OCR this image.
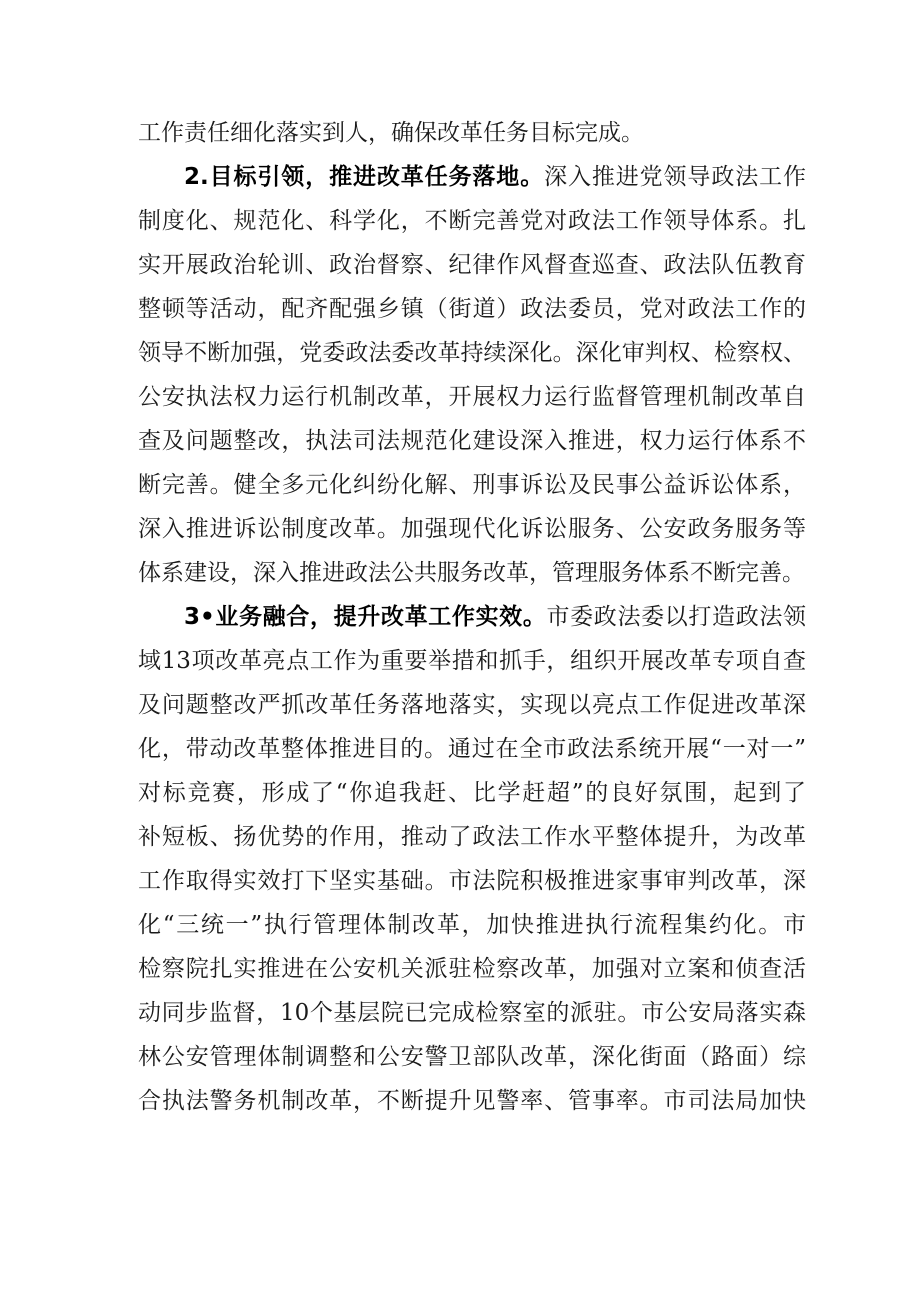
工作责任细化落实到人，确保改革任务目标完成。
2.目标引领，推进改革任务落地。深入推进党领导政法工作
制度化、规范化、科学化，不断完善党对政法工作领导体系。扎
实开展政治轮训、政治督察、纪律作风督查巡查、政法队伍教育
整顿等活动，配齐配强乡镇（街道）政法委员，党对政法工作的
领导不断加强，党委政法委改革持续深化。深化审判权、检察权、
公安执法权力运行机制改革，开展权力运行监督管理机制改革自
查及问题整改，执法司法规范化建设深入推进，权力运行体系不
断完善。健全多元化纠纷化解、刑事诉讼及民事公益诉讼体系，
深入推进诉讼制度改革。加强现代化诉讼服务、公安政务服务等
体系建设，深入推进政法公共服务改革，管理服务体系不断完善。
3•业务融合，提升改革工作实效。市委政法委以打造政法领
域13项改革亮点工作为重要举措和抓手，组织开展改革专项自查
及问题整改严抓改革任务落地落实，实现以亮点工作促进改革深
化，带动改革整体推进目的。通过在全市政法系统开展“一对一”
对标竞赛，形成了“你追我赶、比学赶超”的良好氛围，起到了
补短板、扬优势的作用，推动了政法工作水平整体提升，为改革
工作取得实效打下坚实基础。市法院积极推进家事审判改革，深
化“三统一”执行管理体制改革，加快推进执行流程集约化。市
检察院扎实推进在公安机关派驻检察改革，加强对立案和侦查活
动同步监督，10个基层院已完成检察室的派驻。市公安局落实森
林公安管理体制调整和公安警卫部队改革，深化街面（路面）综
合执法警务机制改革，不断提升见警率、管事率。市司法局加快
